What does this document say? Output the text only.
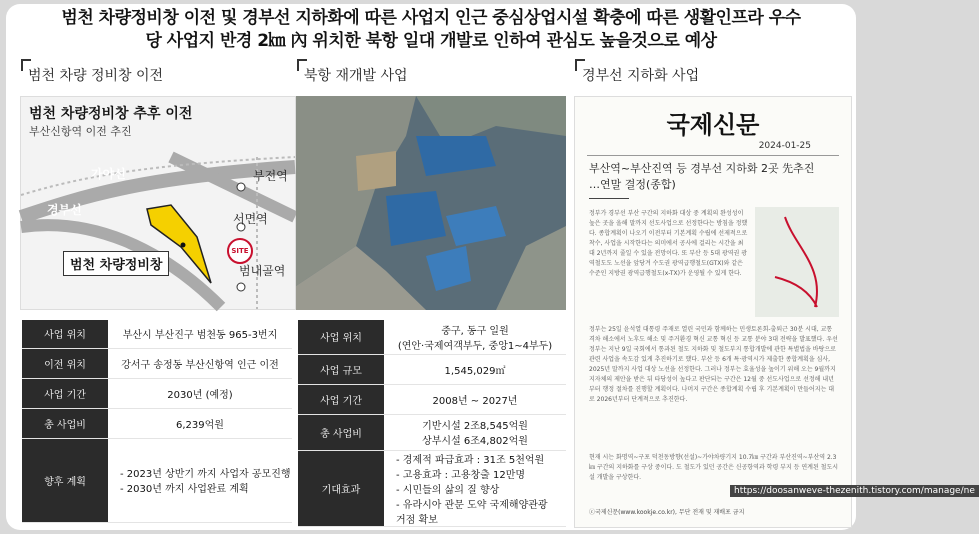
범천 차량정비창 이전 및 경부선 지하화에 따른 사업지 인근 중심상업시설 확충에 따른 생활인프라 우수
당 사업지 반경 2㎞ 內 위치한 북항 일대 개발로 인하여 관심도 높을것으로 예상
범천 차량 정비창 이전	북항 재개발 사업	경부선 지하화 사업
범천 차량정비창 추후 이전
부산신항역 이전 추진
가야선
경부선
부전역
서면역
범내골역
범천 차량정비창
SITE
국제신문
2024-01-25
부산역~부산진역 등 경부선 지하화 2곳 先추진
…연말 결정(종합)
정부가 경부선 부산 구간의 지하화 대상 중 계획의 완성성이 높은 곳을 올해 말까지 선도사업으로 선정한다는 방침을 정했다. 종합계획이 나오기 이전부터 기본계획 수립에 선제적으로 착수, 사업을 시작한다는 의미에서 공사에 걸리는 시간을 최대 2년까지 줄일 수 있을 전망이다. 또 부산 등 5대 광역권 광역철도도 노선을 앞당겨 수도권 광역급행철도(GTX)와 같은 수준인 지방권 광역급행철도(x-TX)가 운영될 수 있게 한다.
정부는 25일 윤석열 대통령 주재로 열린 국민과 함께하는 민생토론회-출퇴근 30분 시대, 교통 격차 해소에서 노후도 해소 및 주거환경 혁신 교통 혁신 등 교통 분야 3대 전략을 발표했다. 우선 정부는 지난 9일 국회에서 통과된 철도 지하화 및 철도부지 통합개발에 관한 특별법을 바탕으로 관련 사업을 속도감 있게 추진하기로 했다. 부산 등 6개 특·광역시가 제출한 종합계획을 심사, 2025년 말까지 사업 대상 노선을 선정한다. 그러나 정부는 효율성을 높이기 위해 오는 9월까지 지자체의 제안을 받은 뒤 타당성이 높다고 판단되는 구간은 12월 중 선도사업으로 선정해 내년부터 행정 절차를 진행할 계획이다. 나머지 구간은 종합계획 수립 후 기본계획이 만들어지는 대로 2026년부터 단계적으로 추진한다.
현재 시는 화명역~구포 덕천동방향(선설)~가야차량기지 10.7㎞ 구간과 부산진역~부산역 2.3㎞ 구간의 지하화를 구상 중이다. 도 철도가 있던 공간은 신공항역과 학령 부지 등 연계된 철도시설 개발을 구상한다.
ⓒ국제신문(www.kookje.co.kr), 무단 전재 및 재배포 금지
https://doosanweve-thezenith.tistory.com/manage/ne
사업 위치	부산시 부산진구 범천동 965-3번지
이전 위치	강서구 송정동 부산신항역 인근 이전
사업 기간	2030년 (예정)
총 사업비	6,239억원
향후 계획	- 2023년 상반기 까지 사업자 공모진행
- 2030년 까지 사업완료 계획
사업 위치	중구, 동구 일원
(연안·국제여객부두, 중앙1~4부두)

사업 규모	1,545,029㎡
사업 기간	2008년 ~ 2027년
총 사업비	기반시설 2조8,545억원
상부시설 6조4,802억원

기대효과	- 경제적 파급효과 : 31조 5천억원
- 고용효과 : 고용창출 12만명
- 시민들의 삶의 질 향상
- 유라시아 관문 도약 국제해양관광
거점 확보
